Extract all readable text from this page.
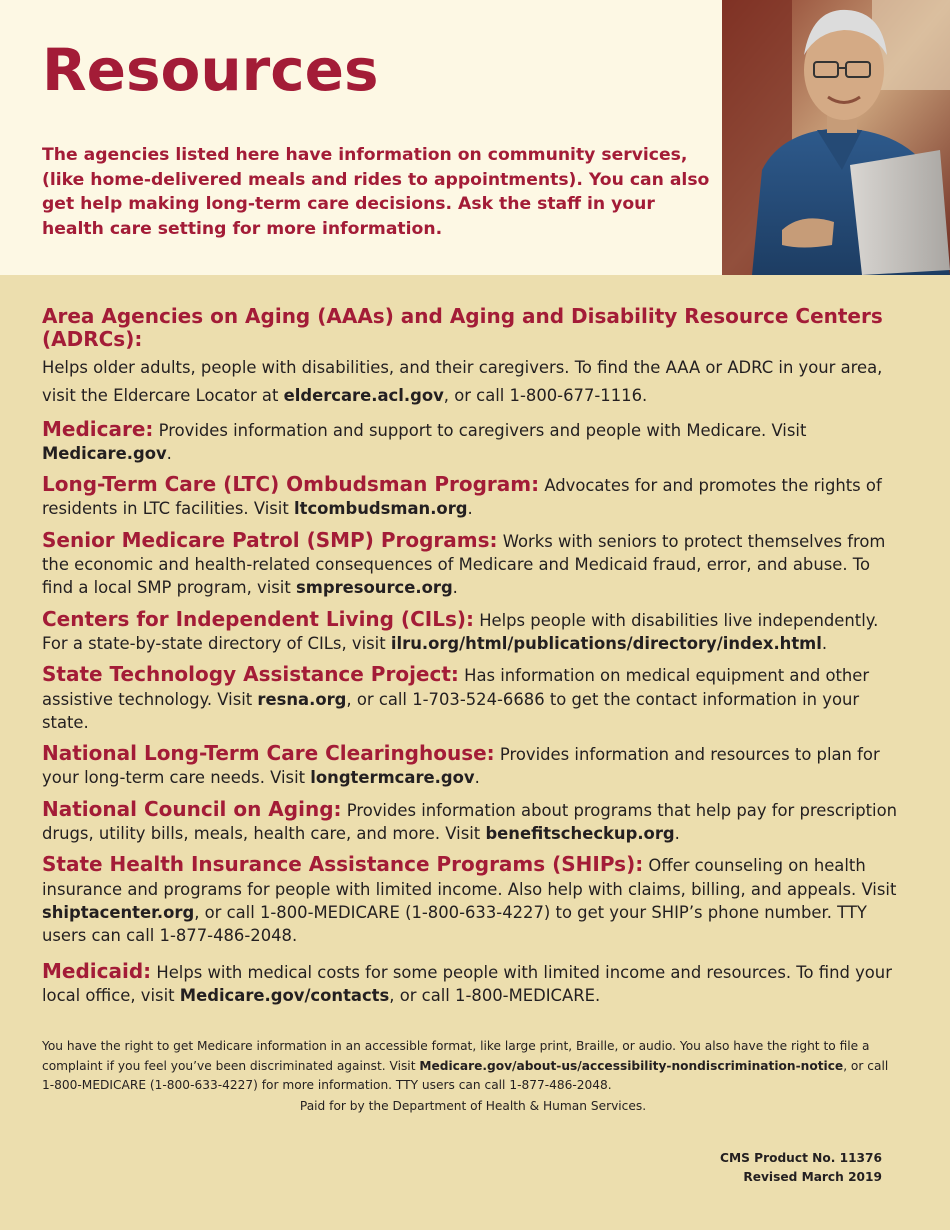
Resources

The agencies listed here have information on community services, (like home-delivered meals and rides to appointments). You can also get help making long-term care decisions. Ask the staff in your health care setting for more information.

Area Agencies on Aging (AAAs) and Aging and Disability Resource Centers (ADRCs):
Helps older adults, people with disabilities, and their caregivers. To find the AAA or ADRC in your area, visit the Eldercare Locator at eldercare.acl.gov, or call 1-800-677-1116.

Medicare: Provides information and support to caregivers and people with Medicare. Visit Medicare.gov.

Long-Term Care (LTC) Ombudsman Program: Advocates for and promotes the rights of residents in LTC facilities. Visit ltcombudsman.org.

Senior Medicare Patrol (SMP) Programs: Works with seniors to protect themselves from the economic and health-related consequences of Medicare and Medicaid fraud, error, and abuse. To find a local SMP program, visit smpresource.org.

Centers for Independent Living (CILs): Helps people with disabilities live independently. For a state-by-state directory of CILs, visit ilru.org/html/publications/directory/index.html.

State Technology Assistance Project: Has information on medical equipment and other assistive technology. Visit resna.org, or call 1-703-524-6686 to get the contact information in your state.

National Long-Term Care Clearinghouse: Provides information and resources to plan for your long-term care needs. Visit longtermcare.gov.

National Council on Aging: Provides information about programs that help pay for prescription drugs, utility bills, meals, health care, and more. Visit benefitscheckup.org.

State Health Insurance Assistance Programs (SHIPs): Offer counseling on health insurance and programs for people with limited income. Also help with claims, billing, and appeals. Visit shiptacenter.org, or call 1-800-MEDICARE (1-800-633-4227) to get your SHIP’s phone number. TTY users can call 1-877-486-2048.

Medicaid: Helps with medical costs for some people with limited income and resources. To find your local office, visit Medicare.gov/contacts, or call 1-800-MEDICARE.

You have the right to get Medicare information in an accessible format, like large print, Braille, or audio. You also have the right to file a complaint if you feel you’ve been discriminated against. Visit Medicare.gov/about-us/accessibility-nondiscrimination-notice, or call 1-800-MEDICARE (1-800-633-4227) for more information. TTY users can call 1-877-486-2048.

Paid for by the Department of Health & Human Services.
CMS Product No. 11376
Revised March 2019
